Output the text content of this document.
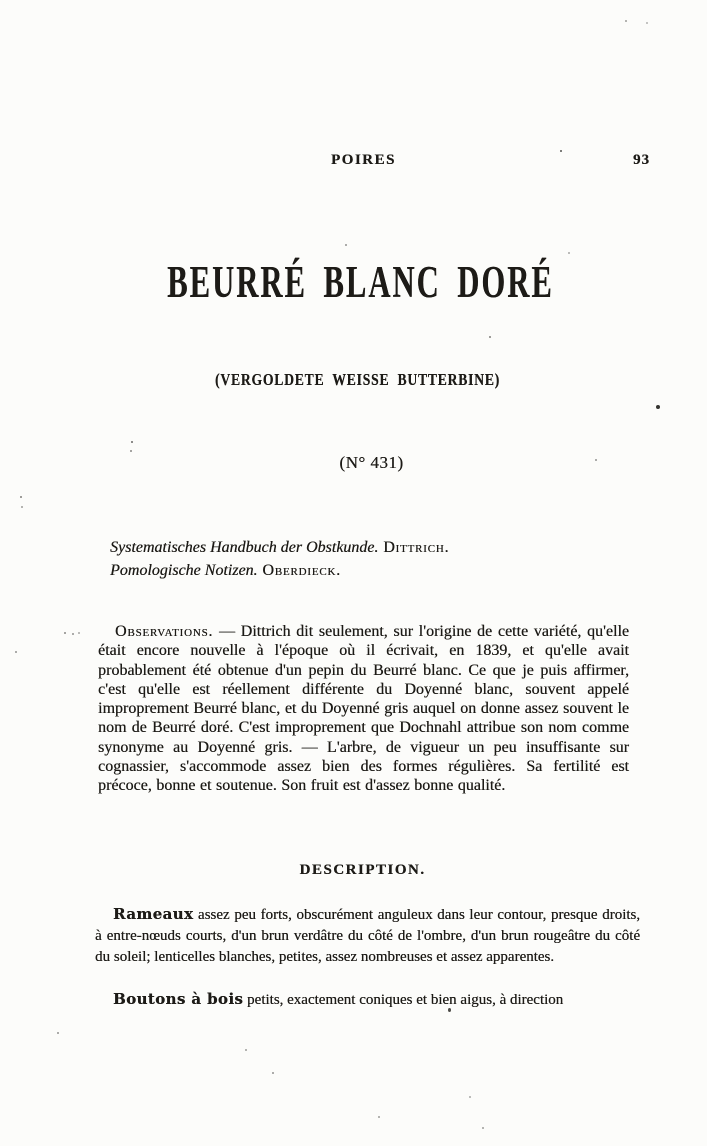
POIRES	93
BEURRÉ BLANC DORÉ
(VERGOLDETE WEISSE BUTTERBINE)
(N° 431)

Systematisches Handbuch der Obstkunde. Dittrich.

Pomologische Notizen. Oberdieck.

Observations. — Dittrich dit seulement, sur l'origine de cette variété, qu'elle était encore nouvelle à l'époque où il écrivait, en 1839, et qu'elle avait probablement été obtenue d'un pepin du Beurré blanc. Ce que je puis affirmer, c'est qu'elle est réellement différente du Doyenné blanc, souvent appelé improprement Beurré blanc, et du Doyenné gris auquel on donne assez souvent le nom de Beurré doré. C'est improprement que Dochnahl attribue son nom comme synonyme au Doyenné gris. — L'arbre, de vigueur un peu insuffisante sur cognassier, s'accommode assez bien des formes régulières. Sa fertilité est précoce, bonne et soutenue. Son fruit est d'assez bonne qualité.

DESCRIPTION.

Rameaux assez peu forts, obscurément anguleux dans leur contour, presque droits, à entre-nœuds courts, d'un brun verdâtre du côté de l'ombre, d'un brun rougeâtre du côté du soleil; lenticelles blanches, petites, assez nombreuses et assez apparentes.

Boutons à bois petits, exactement coniques et bien aigus, à direction
